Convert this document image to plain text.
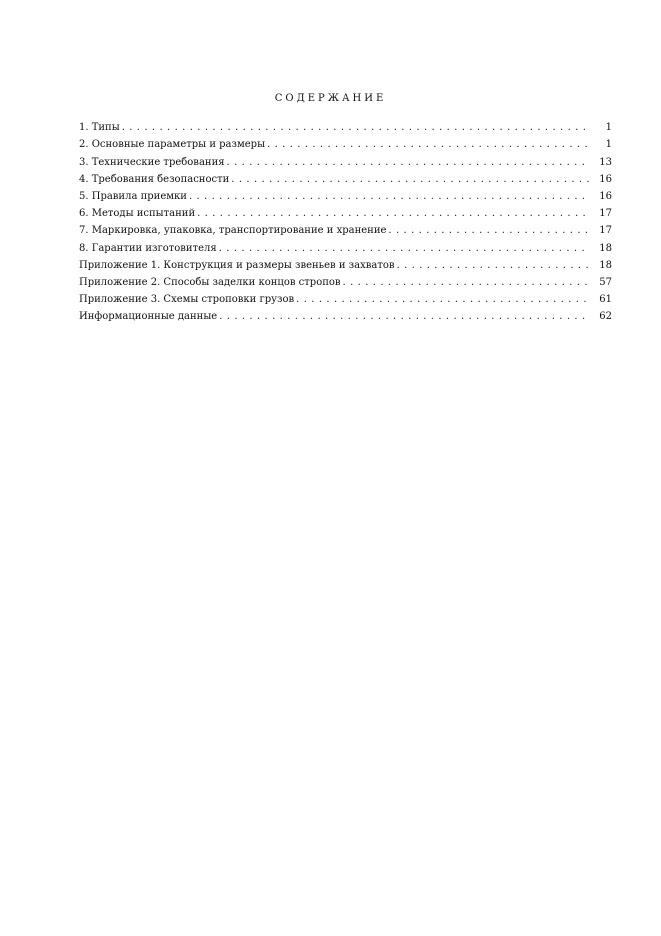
СОДЕРЖАНИЕ
1. Типы . . .	1
2. Основные параметры и размеры . . .	1
3. Технические требования . . .	13
4. Требования безопасности . . .	16
5. Правила приемки . . .	16
6. Методы испытаний . . .	17
7. Маркировка, упаковка, транспортирование и хранение . . .	17
8. Гарантии изготовителя . . .	18
Приложение 1. Конструкция и размеры звеньев и захватов . . .	18
Приложение 2. Способы заделки концов стропов . . .	57
Приложение 3. Схемы строповки грузов . . .	61
Информационные данные . . .	62
